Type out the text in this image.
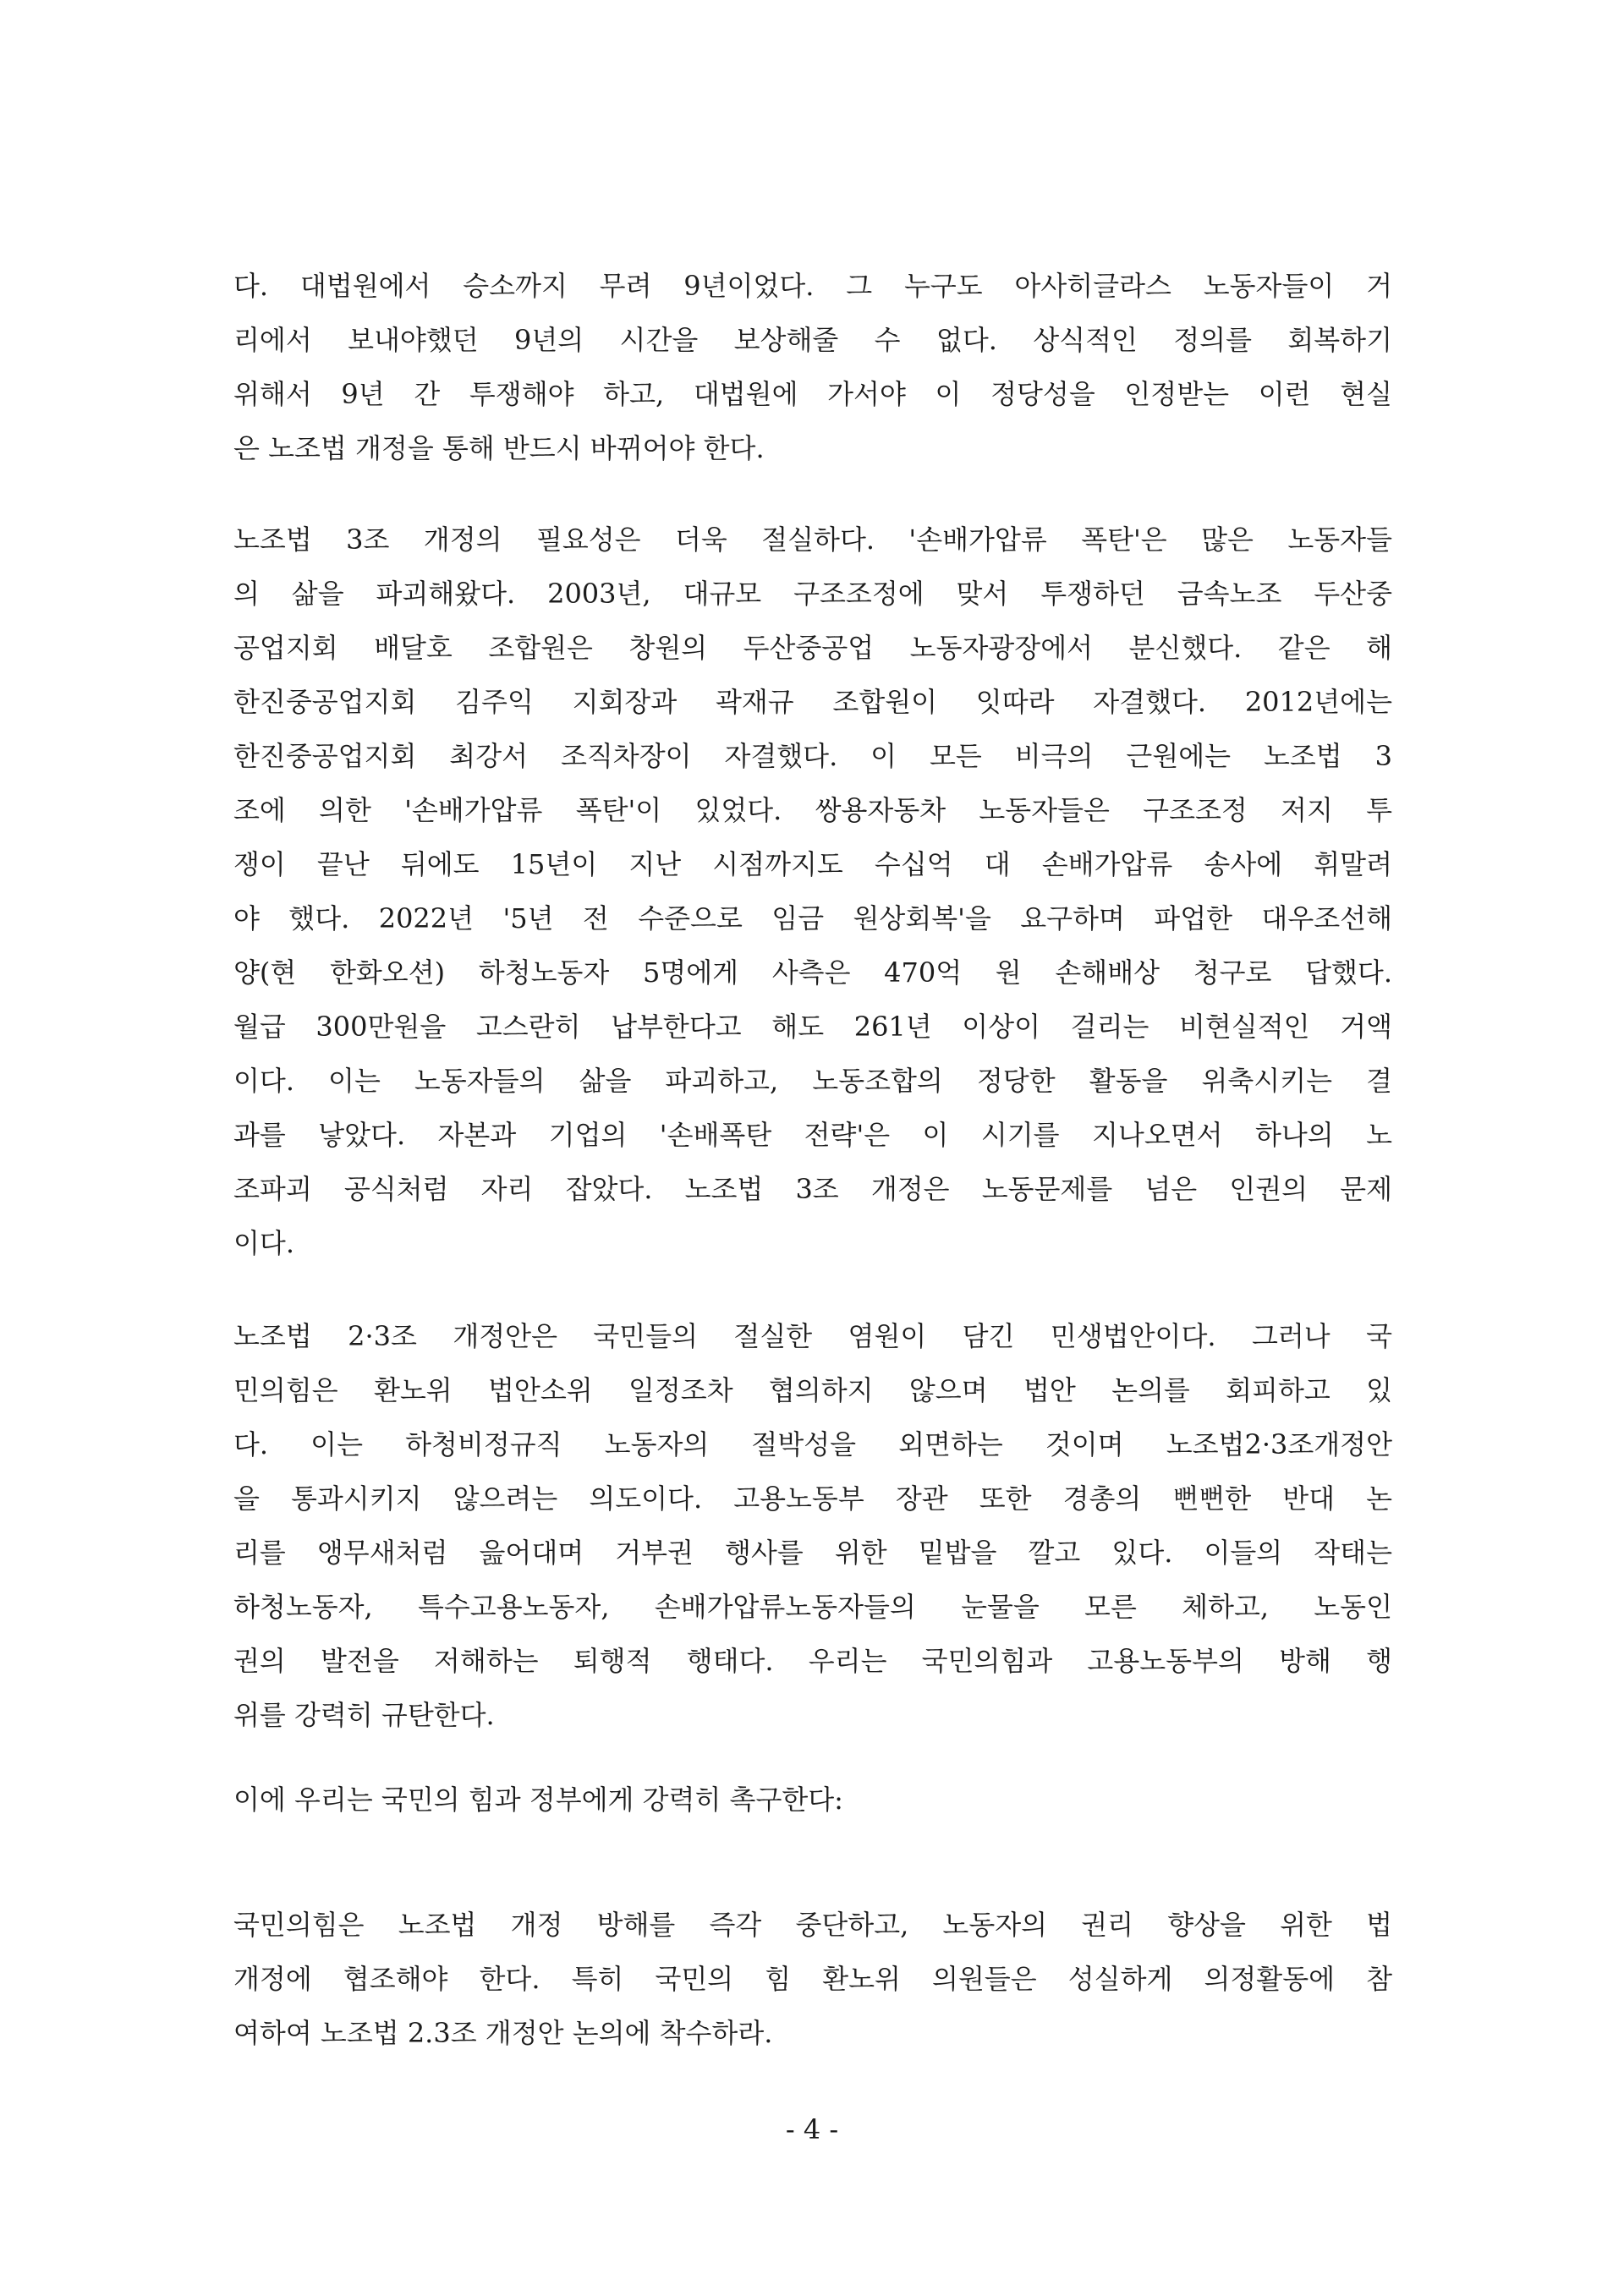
다. 대법원에서 승소까지 무려 9년이었다. 그 누구도 아사히글라스 노동자들이 거
리에서 보내야했던 9년의 시간을 보상해줄 수 없다. 상식적인 정의를 회복하기
위해서 9년 간 투쟁해야 하고, 대법원에 가서야 이 정당성을 인정받는 이런 현실
은 노조법 개정을 통해 반드시 바뀌어야 한다.
노조법 3조 개정의 필요성은 더욱 절실하다. '손배가압류 폭탄'은 많은 노동자들
의 삶을 파괴해왔다. 2003년, 대규모 구조조정에 맞서 투쟁하던 금속노조 두산중
공업지회 배달호 조합원은 창원의 두산중공업 노동자광장에서 분신했다. 같은 해
한진중공업지회 김주익 지회장과 곽재규 조합원이 잇따라 자결했다. 2012년에는
한진중공업지회 최강서 조직차장이 자결했다. 이 모든 비극의 근원에는 노조법 3
조에 의한 '손배가압류 폭탄'이 있었다. 쌍용자동차 노동자들은 구조조정 저지 투
쟁이 끝난 뒤에도 15년이 지난 시점까지도 수십억 대 손배가압류 송사에 휘말려
야 했다. 2022년 '5년 전 수준으로 임금 원상회복'을 요구하며 파업한 대우조선해
양(현 한화오션) 하청노동자 5명에게 사측은 470억 원 손해배상 청구로 답했다.
월급 300만원을 고스란히 납부한다고 해도 261년 이상이 걸리는 비현실적인 거액
이다. 이는 노동자들의 삶을 파괴하고, 노동조합의 정당한 활동을 위축시키는 결
과를 낳았다. 자본과 기업의 '손배폭탄 전략'은 이 시기를 지나오면서 하나의 노
조파괴 공식처럼 자리 잡았다. 노조법 3조 개정은 노동문제를 넘은 인권의 문제
이다.
노조법 2·3조 개정안은 국민들의 절실한 염원이 담긴 민생법안이다. 그러나 국
민의힘은 환노위 법안소위 일정조차 협의하지 않으며 법안 논의를 회피하고 있
다. 이는 하청비정규직 노동자의 절박성을 외면하는 것이며 노조법2·3조개정안
을 통과시키지 않으려는 의도이다. 고용노동부 장관 또한 경총의 뻔뻔한 반대 논
리를 앵무새처럼 읊어대며 거부권 행사를 위한 밑밥을 깔고 있다. 이들의 작태는
하청노동자, 특수고용노동자, 손배가압류노동자들의 눈물을 모른 체하고, 노동인
권의 발전을 저해하는 퇴행적 행태다. 우리는 국민의힘과 고용노동부의 방해 행
위를 강력히 규탄한다.
이에 우리는 국민의 힘과 정부에게 강력히 촉구한다:
국민의힘은 노조법 개정 방해를 즉각 중단하고, 노동자의 권리 향상을 위한 법
개정에 협조해야 한다. 특히 국민의 힘 환노위 의원들은 성실하게 의정활동에 참
여하여 노조법 2.3조 개정안 논의에 착수하라.
- 4 -
